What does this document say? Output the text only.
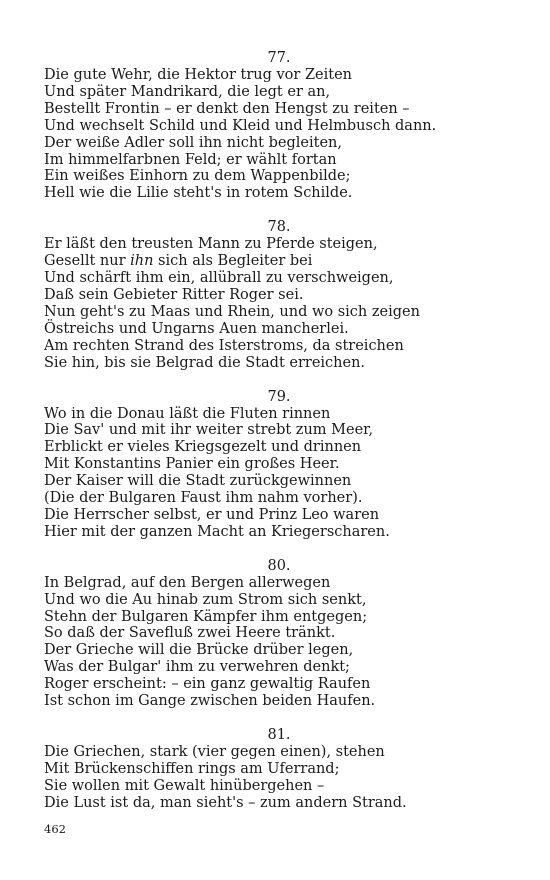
77.

Die gute Wehr, die Hektor trug vor Zeiten

Und später Mandrikard, die legt er an,

Bestellt Frontin – er denkt den Hengst zu reiten –

Und wechselt Schild und Kleid und Helmbusch dann.

Der weiße Adler soll ihn nicht begleiten,

Im himmelfarbnen Feld; er wählt fortan

Ein weißes Einhorn zu dem Wappenbilde;

Hell wie die Lilie steht's in rotem Schilde.

78.

Er läßt den treusten Mann zu Pferde steigen,

Gesellt nur ihn sich als Begleiter bei

Und schärft ihm ein, allübrall zu verschweigen,

Daß sein Gebieter Ritter Roger sei.

Nun geht's zu Maas und Rhein, und wo sich zeigen

Östreichs und Ungarns Auen mancherlei.

Am rechten Strand des Isterstroms, da streichen

Sie hin, bis sie Belgrad die Stadt erreichen.

79.

Wo in die Donau läßt die Fluten rinnen

Die Sav' und mit ihr weiter strebt zum Meer,

Erblickt er vieles Kriegsgezelt und drinnen

Mit Konstantins Panier ein großes Heer.

Der Kaiser will die Stadt zurückgewinnen

(Die der Bulgaren Faust ihm nahm vorher).

Die Herrscher selbst, er und Prinz Leo waren

Hier mit der ganzen Macht an Kriegerscharen.

80.

In Belgrad, auf den Bergen allerwegen

Und wo die Au hinab zum Strom sich senkt,

Stehn der Bulgaren Kämpfer ihm entgegen;

So daß der Savefluß zwei Heere tränkt.

Der Grieche will die Brücke drüber legen,

Was der Bulgar' ihm zu verwehren denkt;

Roger erscheint: – ein ganz gewaltig Raufen

Ist schon im Gange zwischen beiden Haufen.

81.

Die Griechen, stark (vier gegen einen), stehen

Mit Brückenschiffen rings am Uferrand;

Sie wollen mit Gewalt hinübergehen –

Die Lust ist da, man sieht's – zum andern Strand.

462
